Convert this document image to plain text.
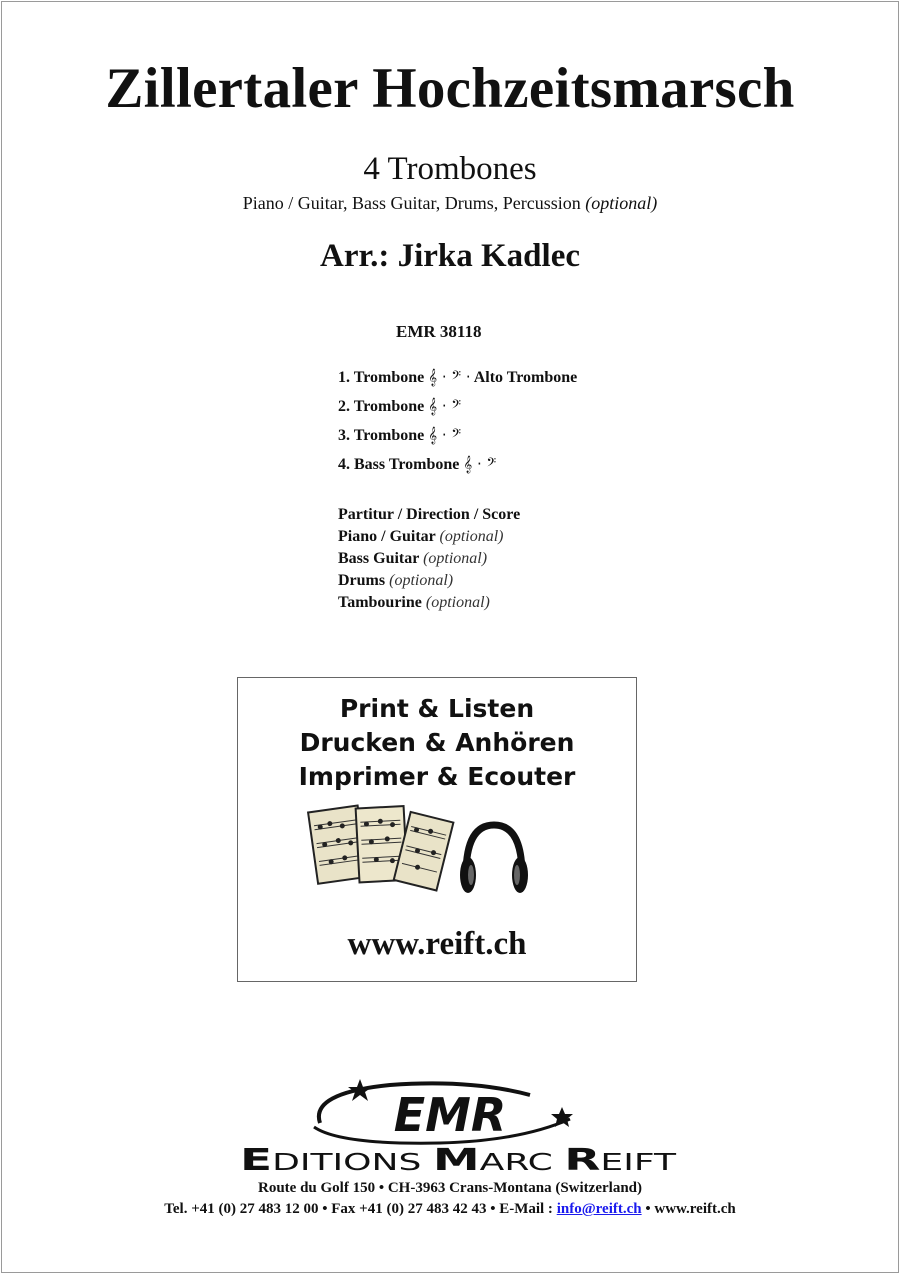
Zillertaler Hochzeitsmarsch
4 Trombones
Piano / Guitar, Bass Guitar, Drums, Percussion (optional)
Arr.: Jirka Kadlec
EMR 38118
1. Trombone 𝄞 · 𝄢 · Alto Trombone
2. Trombone 𝄞 · 𝄢
3. Trombone 𝄞 · 𝄢
4. Bass Trombone 𝄞 · 𝄢
Partitur / Direction / Score
Piano / Guitar (optional)
Bass Guitar (optional)
Drums (optional)
Tambourine (optional)
Print & Listen
Drucken & Anhören
Imprimer & Ecouter
www.reift.ch
EMR
E DITIONS M ARC R EIFT
Route du Golf 150 • CH-3963 Crans-Montana (Switzerland)
Tel. +41 (0) 27 483 12 00 • Fax +41 (0) 27 483 42 43 • E-Mail : info@reift.ch • www.reift.ch
